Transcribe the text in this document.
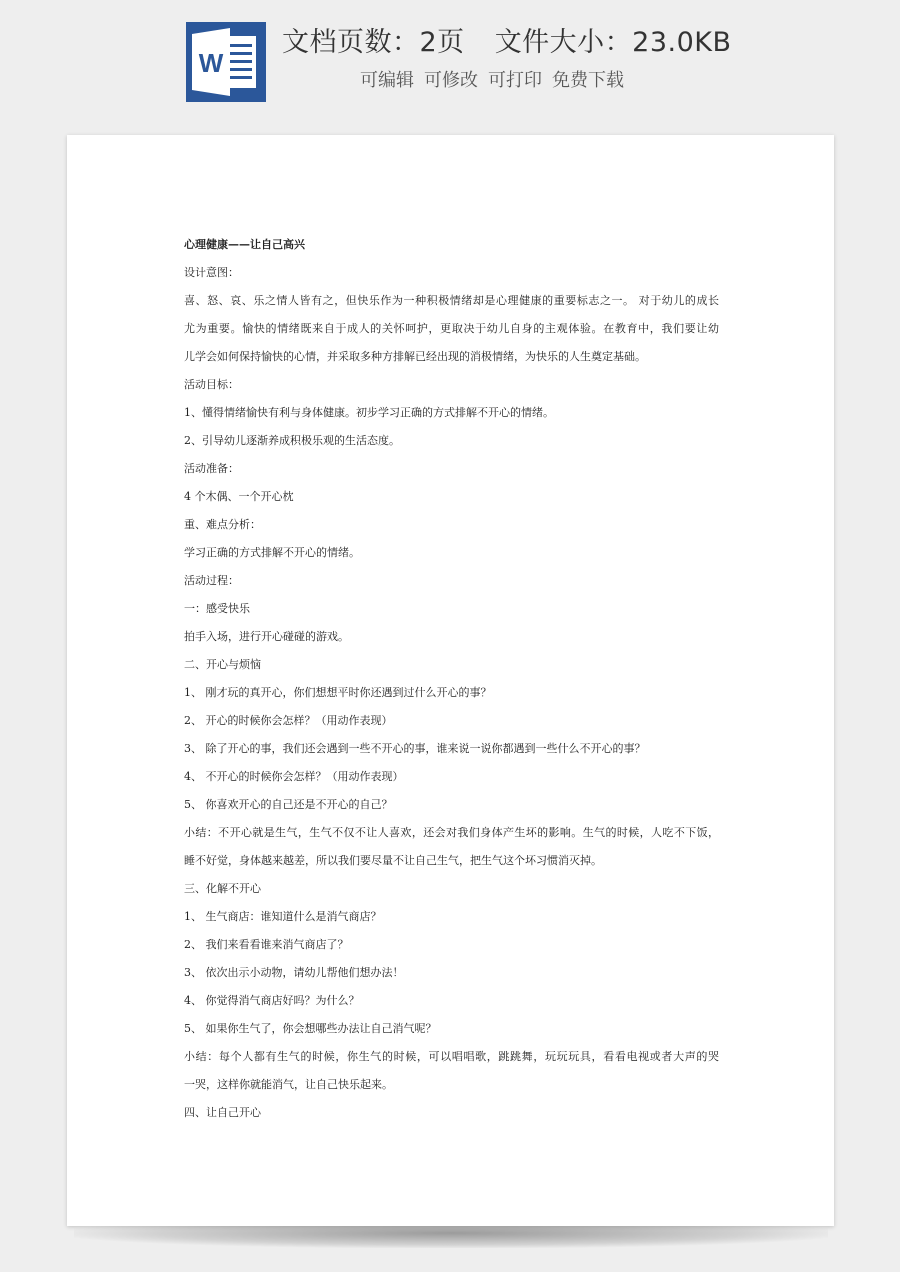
W
文档页数：2页 文件大小：23.0KB
可编辑 可修改 可打印 免费下载
心理健康——让自己高兴
设计意图：
喜、怒、哀、乐之情人皆有之，但快乐作为一种积极情绪却是心理健康的重要标志之一。 对于幼儿的成长
尤为重要。愉快的情绪既来自于成人的关怀呵护，更取决于幼儿自身的主观体验。在教育中，我们要让幼
儿学会如何保持愉快的心情，并采取多种方排解已经出现的消极情绪，为快乐的人生奠定基础。
活动目标：
1、懂得情绪愉快有利与身体健康。初步学习正确的方式排解不开心的情绪。
2、引导幼儿逐渐养成积极乐观的生活态度。
活动准备：
4 个木偶、一个开心枕
重、难点分析：
学习正确的方式排解不开心的情绪。
活动过程：
一：感受快乐
拍手入场，进行开心碰碰的游戏。
二、开心与烦恼
1、 刚才玩的真开心，你们想想平时你还遇到过什么开心的事？
2、 开心的时候你会怎样？（用动作表现）
3、 除了开心的事，我们还会遇到一些不开心的事，谁来说一说你都遇到一些什么不开心的事？
4、 不开心的时候你会怎样？（用动作表现）
5、 你喜欢开心的自己还是不开心的自己？
小结：不开心就是生气，生气不仅不让人喜欢，还会对我们身体产生坏的影响。生气的时候，人吃不下饭，
睡不好觉，身体越来越差，所以我们要尽量不让自己生气，把生气这个坏习惯消灭掉。
三、化解不开心
1、 生气商店：谁知道什么是消气商店？
2、 我们来看看谁来消气商店了？
3、 依次出示小动物，请幼儿帮他们想办法！
4、 你觉得消气商店好吗？为什么？
5、 如果你生气了，你会想哪些办法让自己消气呢？
小结：每个人都有生气的时候，你生气的时候，可以唱唱歌，跳跳舞，玩玩玩具，看看电视或者大声的哭
一哭，这样你就能消气，让自己快乐起来。
四、让自己开心
